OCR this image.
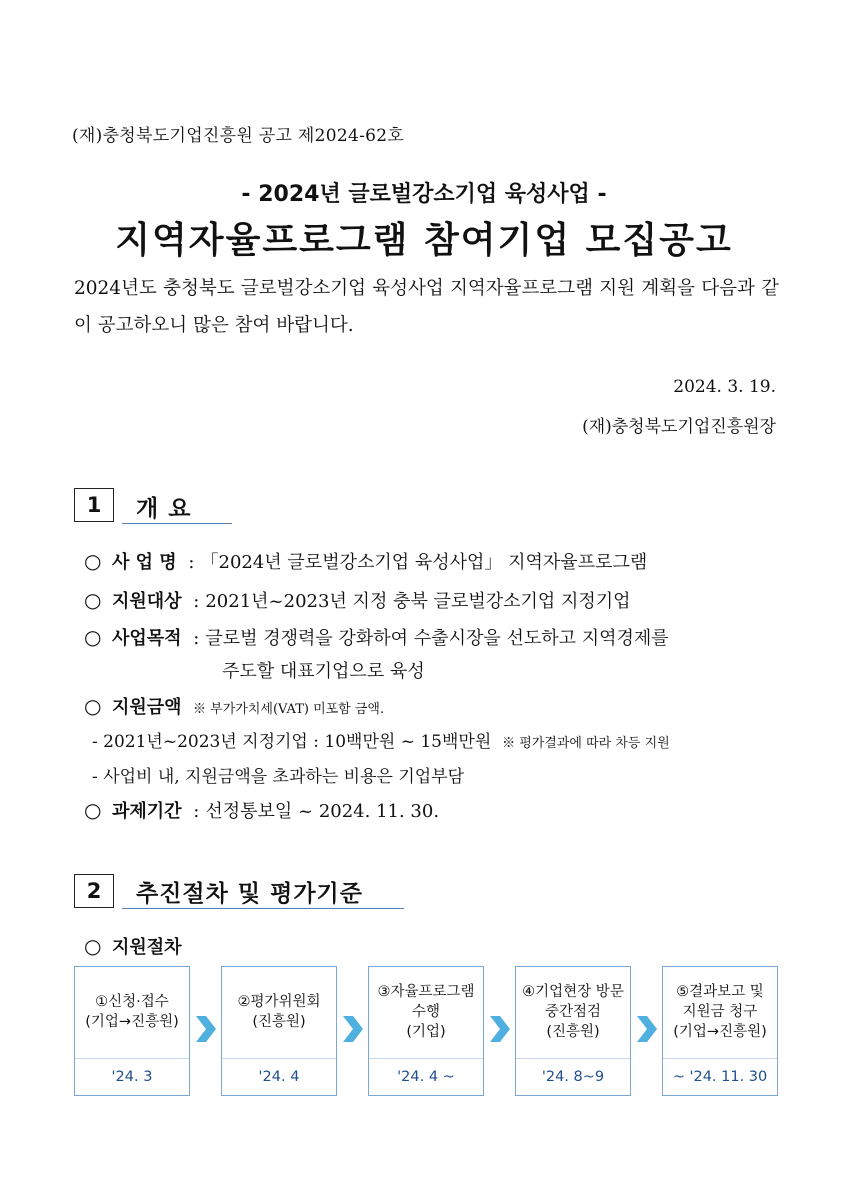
(재)충청북도기업진흥원 공고 제2024-62호
- 2024년 글로벌강소기업 육성사업 -
지역자율프로그램 참여기업 모집공고
2024년도 충청북도 글로벌강소기업 육성사업 지역자율프로그램 지원 계획을 다음과 같이 공고하오니 많은 참여 바랍니다.
2024. 3. 19.
(재)충청북도기업진흥원장
1	개 요
○ 사 업 명 : 「2024년 글로벌강소기업 육성사업」 지역자율프로그램
○ 지원대상 : 2021년~2023년 지정 충북 글로벌강소기업 지정기업
○ 사업목적 : 글로벌 경쟁력을 강화하여 수출시장을 선도하고 지역경제를
주도할 대표기업으로 육성
○ 지원금액 ※ 부가가치세(VAT) 미포함 금액.
- 2021년~2023년 지정기업 : 10백만원 ~ 15백만원 ※ 평가결과에 따라 차등 지원
- 사업비 내, 지원금액을 초과하는 비용은 기업부담
○ 과제기간 : 선정통보일 ~ 2024. 11. 30.
2	추진절차 및 평가기준
○ 지원절차
①신청·접수
(기업→진흥원)
'24. 3
②평가위원회
(진흥원)
'24. 4
③자율프로그램
수행
(기업)
'24. 4 ~
④기업현장 방문
중간점검
(진흥원)
'24. 8~9
⑤결과보고 및
지원금 청구
(기업→진흥원)
~ '24. 11. 30
